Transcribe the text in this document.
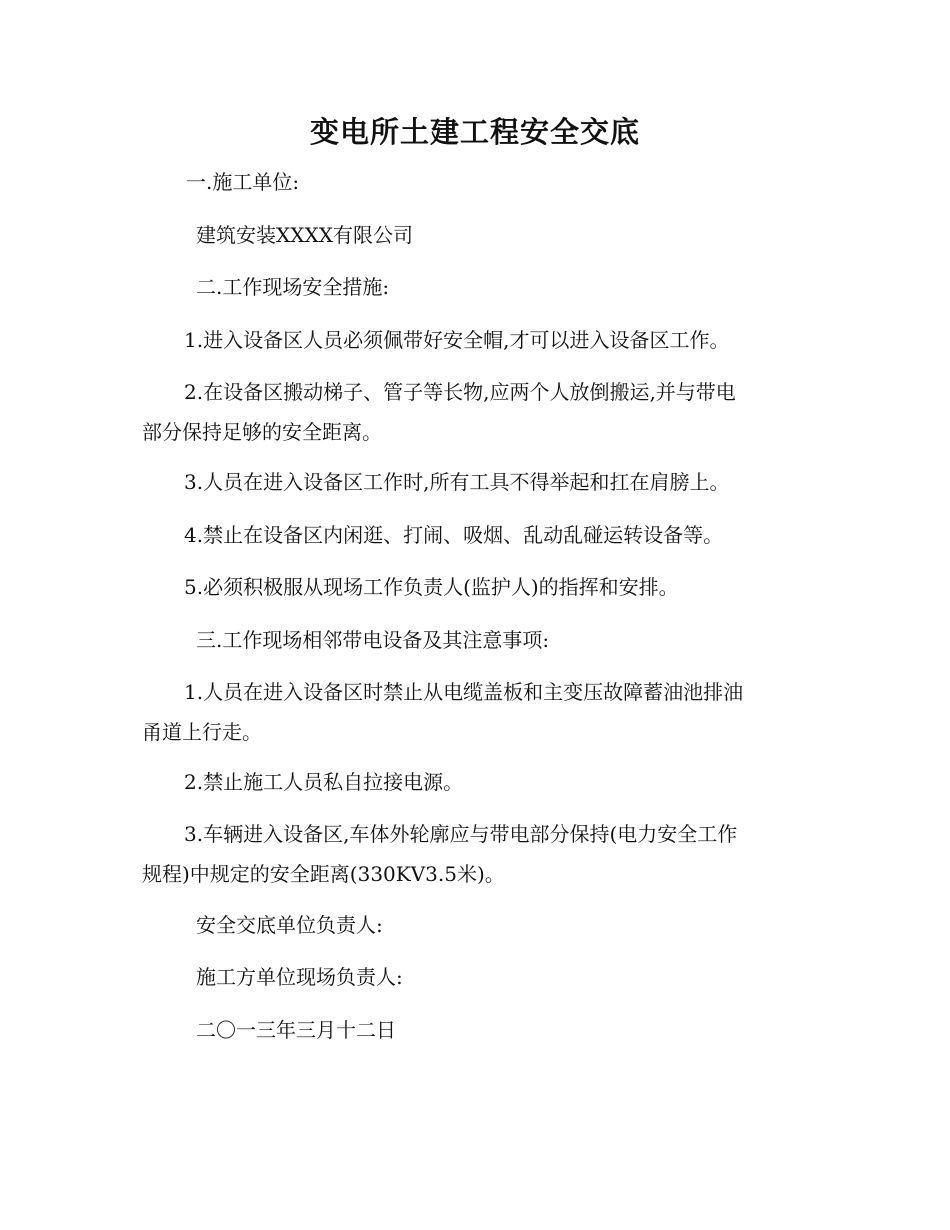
变电所土建工程安全交底
一.施工单位:
建筑安装XXXX有限公司
二.工作现场安全措施:
1.进入设备区人员必须佩带好安全帽,才可以进入设备区工作。
2.在设备区搬动梯子、管子等长物,应两个人放倒搬运,并与带电
部分保持足够的安全距离。
3.人员在进入设备区工作时,所有工具不得举起和扛在肩膀上。
4.禁止在设备区内闲逛、打闹、吸烟、乱动乱碰运转设备等。
5.必须积极服从现场工作负责人(监护人)的指挥和安排。
三.工作现场相邻带电设备及其注意事项:
1.人员在进入设备区时禁止从电缆盖板和主变压故障蓄油池排油
甬道上行走。
2.禁止施工人员私自拉接电源。
3.车辆进入设备区,车体外轮廓应与带电部分保持(电力安全工作
规程)中规定的安全距离(330KV3.5米)。
安全交底单位负责人:
施工方单位现场负责人:
二〇一三年三月十二日
